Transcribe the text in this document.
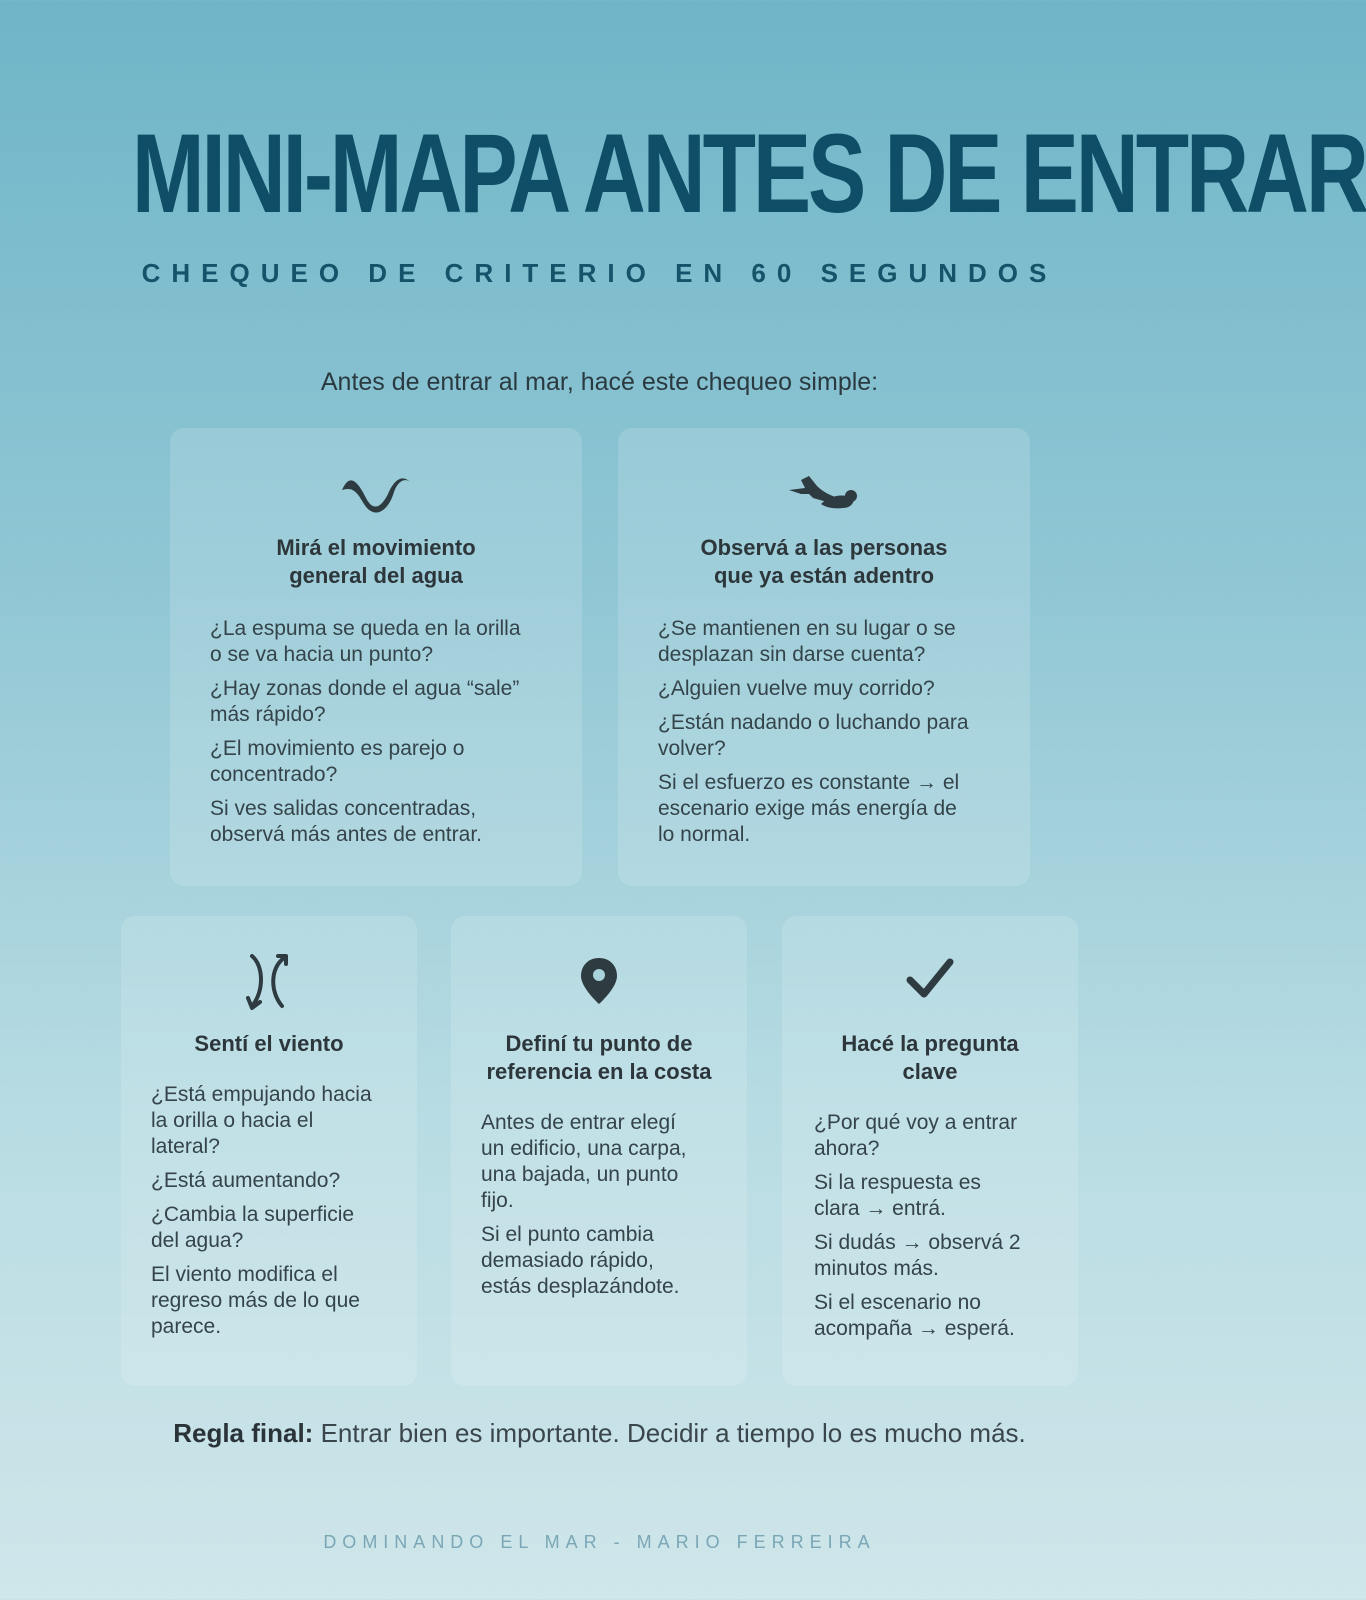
MINI-MAPA ANTES DE ENTRAR
CHEQUEO DE CRITERIO EN 60 SEGUNDOS
Antes de entrar al mar, hacé este chequeo simple:
Mirá el movimiento
general del agua
¿La espuma se queda en la orilla
o se va hacia un punto?
¿Hay zonas donde el agua “sale”
más rápido?
¿El movimiento es parejo o
concentrado?
Si ves salidas concentradas,
observá más antes de entrar.
Observá a las personas
que ya están adentro
¿Se mantienen en su lugar o se
desplazan sin darse cuenta?
¿Alguien vuelve muy corrido?
¿Están nadando o luchando para
volver?
Si el esfuerzo es constante → el
escenario exige más energía de
lo normal.
Sentí el viento
¿Está empujando hacia
la orilla o hacia el
lateral?
¿Está aumentando?
¿Cambia la superficie
del agua?
El viento modifica el
regreso más de lo que
parece.
Definí tu punto de
referencia en la costa
Antes de entrar elegí
un edificio, una carpa,
una bajada, un punto
fijo.
Si el punto cambia
demasiado rápido,
estás desplazándote.
Hacé la pregunta
clave
¿Por qué voy a entrar
ahora?
Si la respuesta es
clara → entrá.
Si dudás → observá 2
minutos más.
Si el escenario no
acompaña → esperá.
Regla final: Entrar bien es importante. Decidir a tiempo lo es mucho más.
DOMINANDO EL MAR - MARIO FERREIRA
